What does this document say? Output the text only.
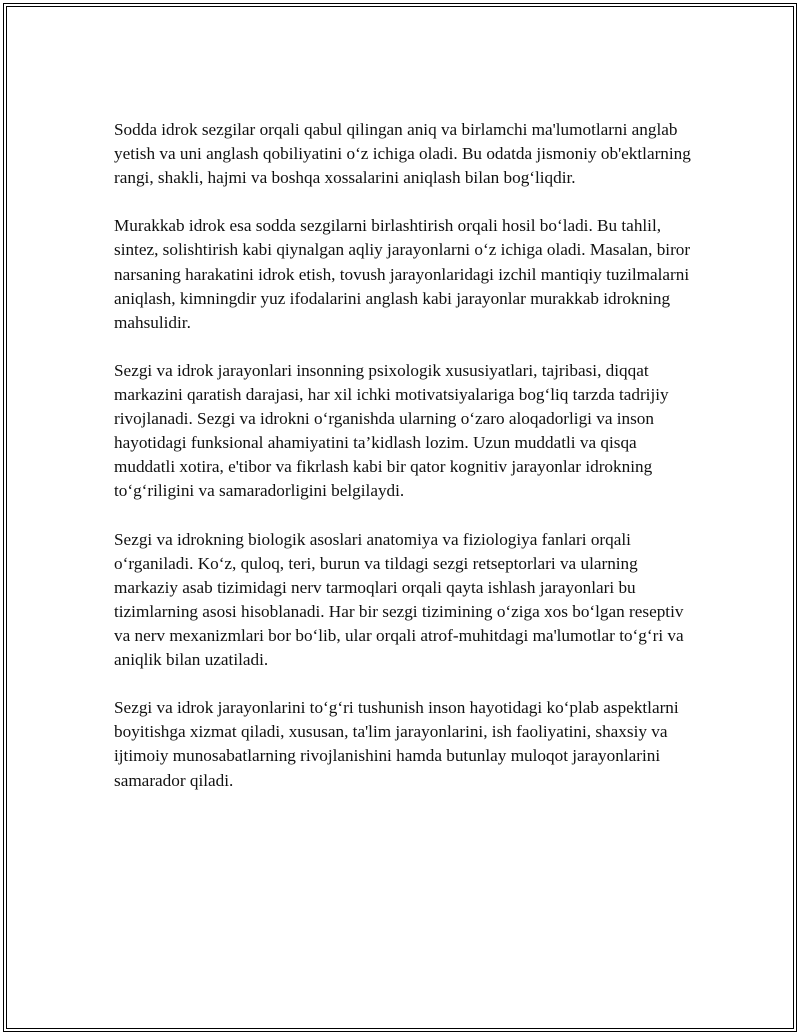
Sodda idrok sezgilar orqali qabul qilingan aniq va birlamchi ma'lumotlarni anglab yetish va uni anglash qobiliyatini o‘z ichiga oladi. Bu odatda jismoniy ob'ektlarning rangi, shakli, hajmi va boshqa xossalarini aniqlash bilan bog‘liqdir.

Murakkab idrok esa sodda sezgilarni birlashtirish orqali hosil bo‘ladi. Bu tahlil, sintez, solishtirish kabi qiynalgan aqliy jarayonlarni o‘z ichiga oladi. Masalan, biror narsaning harakatini idrok etish, tovush jarayonlaridagi izchil mantiqiy tuzilmalarni aniqlash, kimningdir yuz ifodalarini anglash kabi jarayonlar murakkab idrokning mahsulidir.

Sezgi va idrok jarayonlari insonning psixologik xususiyatlari, tajribasi, diqqat markazini qaratish darajasi, har xil ichki motivatsiyalariga bog‘liq tarzda tadrijiy rivojlanadi. Sezgi va idrokni o‘rganishda ularning o‘zaro aloqadorligi va inson hayotidagi funksional ahamiyatini ta’kidlash lozim. Uzun muddatli va qisqa muddatli xotira, e'tibor va fikrlash kabi bir qator kognitiv jarayonlar idrokning to‘g‘riligini va samaradorligini belgilaydi.

Sezgi va idrokning biologik asoslari anatomiya va fiziologiya fanlari orqali o‘rganiladi. Ko‘z, quloq, teri, burun va tildagi sezgi retseptorlari va ularning markaziy asab tizimidagi nerv tarmoqlari orqali qayta ishlash jarayonlari bu tizimlarning asosi hisoblanadi. Har bir sezgi tizimining o‘ziga xos bo‘lgan reseptiv va nerv mexanizmlari bor bo‘lib, ular orqali atrof-muhitdagi ma'lumotlar to‘g‘ri va aniqlik bilan uzatiladi.

Sezgi va idrok jarayonlarini to‘g‘ri tushunish inson hayotidagi ko‘plab aspektlarni boyitishga xizmat qiladi, xususan, ta'lim jarayonlarini, ish faoliyatini, shaxsiy va ijtimoiy munosabatlarning rivojlanishini hamda butunlay muloqot jarayonlarini samarador qiladi.
